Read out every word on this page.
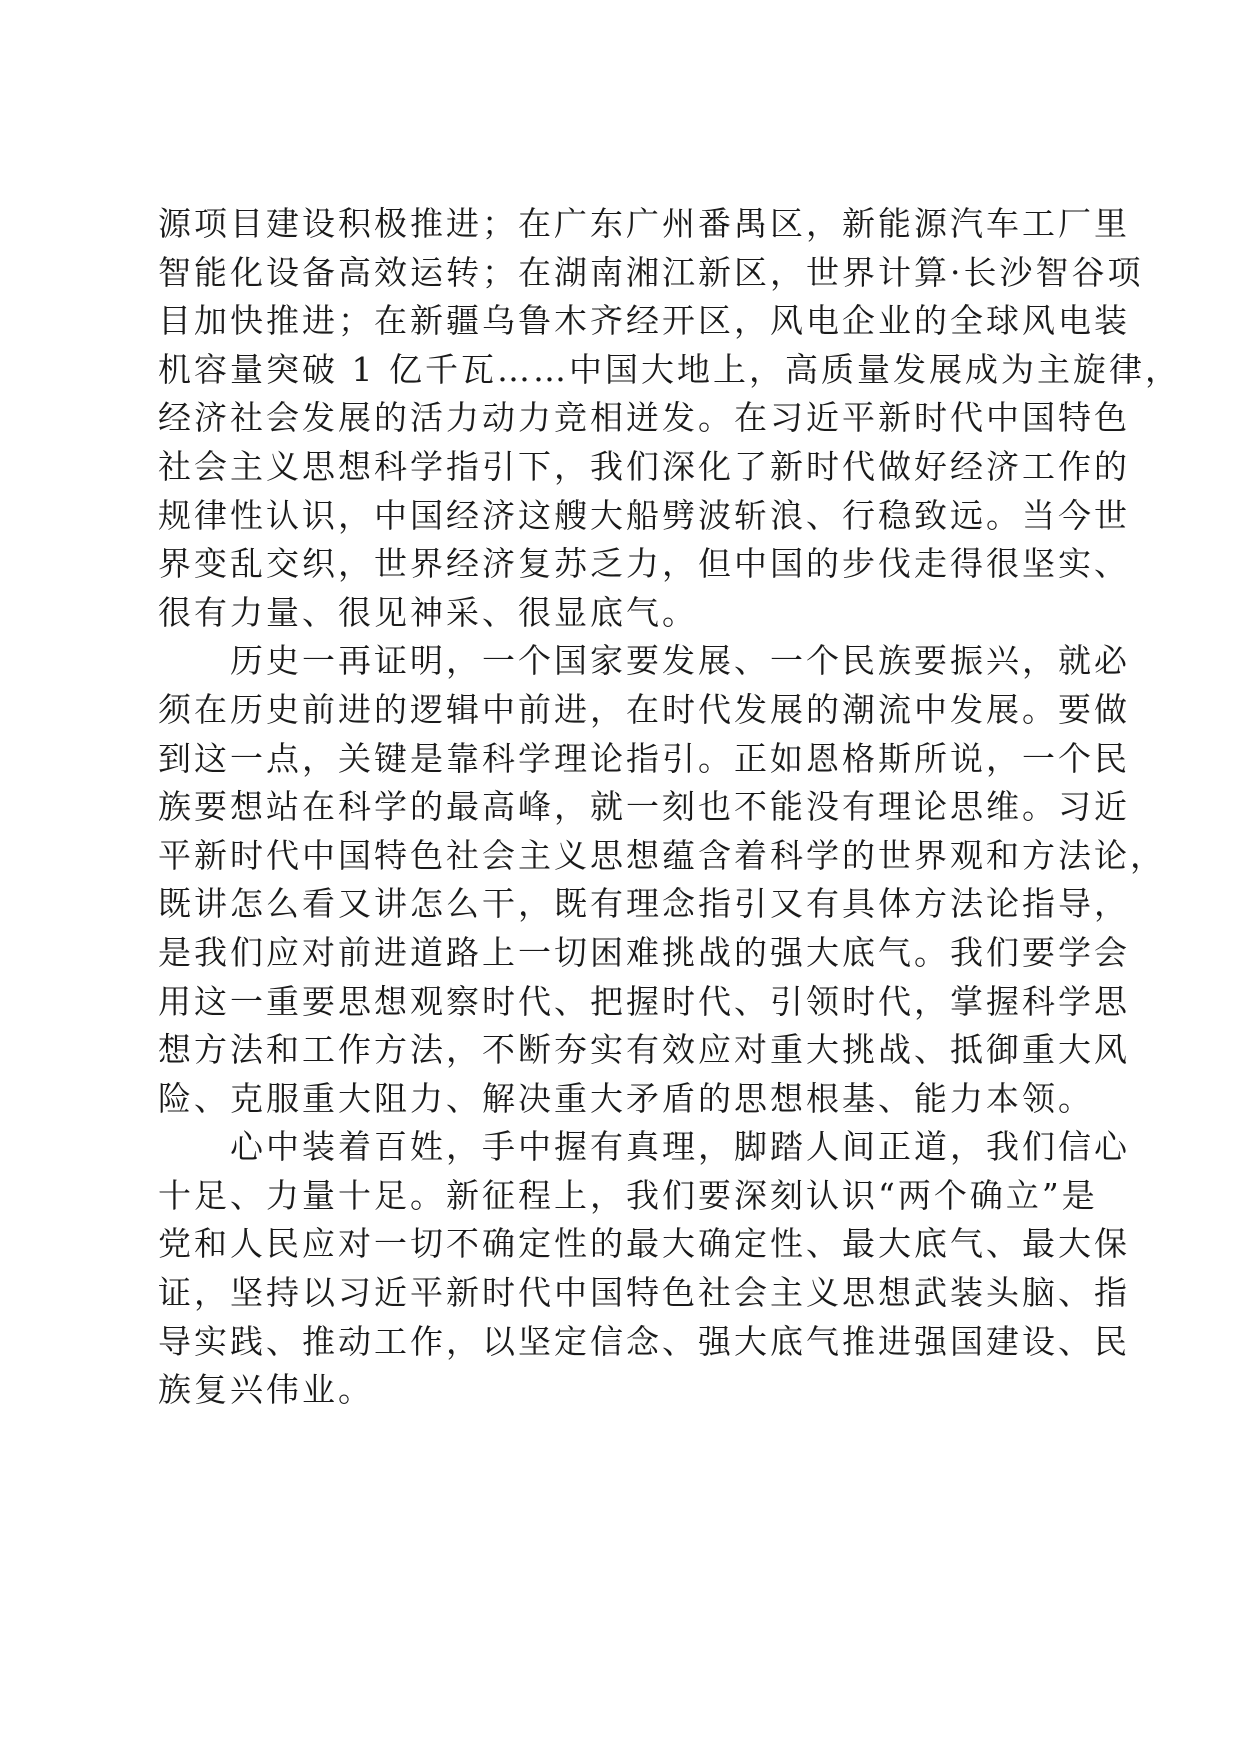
源项目建设积极推进；在广东广州番禺区，新能源汽车工厂里
智能化设备高效运转；在湖南湘江新区，世界计算·长沙智谷项
目加快推进；在新疆乌鲁木齐经开区，风电企业的全球风电装
机容量突破 1 亿千瓦……中国大地上，高质量发展成为主旋律，
经济社会发展的活力动力竞相迸发。在习近平新时代中国特色
社会主义思想科学指引下，我们深化了新时代做好经济工作的
规律性认识，中国经济这艘大船劈波斩浪、行稳致远。当今世
界变乱交织，世界经济复苏乏力，但中国的步伐走得很坚实、
很有力量、很见神采、很显底气。

　　历史一再证明，一个国家要发展、一个民族要振兴，就必
须在历史前进的逻辑中前进，在时代发展的潮流中发展。要做
到这一点，关键是靠科学理论指引。正如恩格斯所说，一个民
族要想站在科学的最高峰，就一刻也不能没有理论思维。习近
平新时代中国特色社会主义思想蕴含着科学的世界观和方法论，
既讲怎么看又讲怎么干，既有理念指引又有具体方法论指导，
是我们应对前进道路上一切困难挑战的强大底气。我们要学会
用这一重要思想观察时代、把握时代、引领时代，掌握科学思
想方法和工作方法，不断夯实有效应对重大挑战、抵御重大风
险、克服重大阻力、解决重大矛盾的思想根基、能力本领。

　　心中装着百姓，手中握有真理，脚踏人间正道，我们信心
十足、力量十足。新征程上，我们要深刻认识“两个确立”是
党和人民应对一切不确定性的最大确定性、最大底气、最大保
证，坚持以习近平新时代中国特色社会主义思想武装头脑、指
导实践、推动工作，以坚定信念、强大底气推进强国建设、民
族复兴伟业。
